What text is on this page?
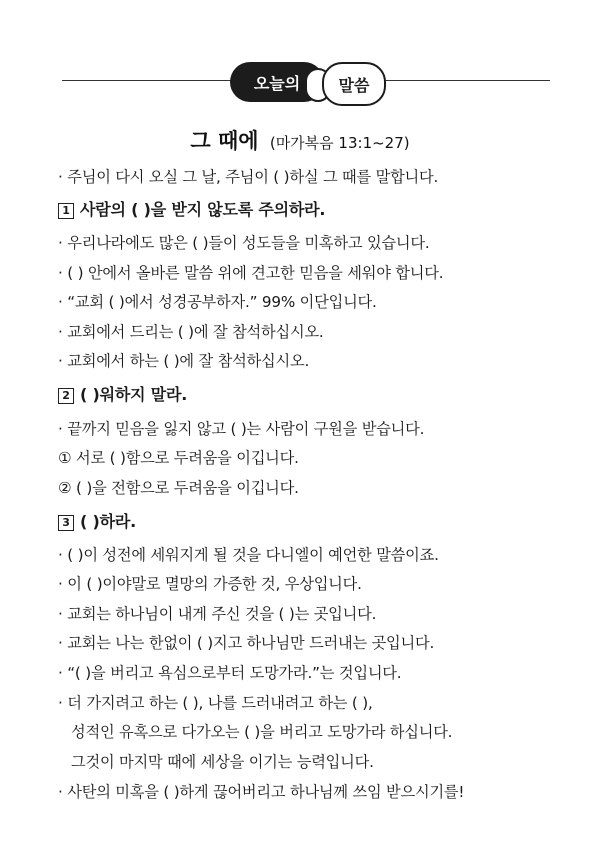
오늘의 말씀
그 때에 (마가복음 13:1~27)
· 주님이 다시 오실 그 날, 주님이 ( )하실 그 때를 말합니다.
1 사람의 ( )을 받지 않도록 주의하라.
· 우리나라에도 많은 ( )들이 성도들을 미혹하고 있습니다.
· ( ) 안에서 올바른 말씀 위에 견고한 믿음을 세워야 합니다.
· “교회 ( )에서 성경공부하자.” 99% 이단입니다.
· 교회에서 드리는 ( )에 잘 참석하십시오.
· 교회에서 하는 ( )에 잘 참석하십시오.
2 ( )워하지 말라.
· 끝까지 믿음을 잃지 않고 ( )는 사람이 구원을 받습니다.
① 서로 ( )함으로 두려움을 이깁니다.
② ( )을 전함으로 두려움을 이깁니다.
3 ( )하라.
· ( )이 성전에 세워지게 될 것을 다니엘이 예언한 말씀이죠.
· 이 ( )이야말로 멸망의 가증한 것, 우상입니다.
· 교회는 하나님이 내게 주신 것을 ( )는 곳입니다.
· 교회는 나는 한없이 ( )지고 하나님만 드러내는 곳입니다.
· “( )을 버리고 욕심으로부터 도망가라.”는 것입니다.
· 더 가지려고 하는 ( ), 나를 드러내려고 하는 ( ),
성적인 유혹으로 다가오는 ( )을 버리고 도망가라 하십니다.
그것이 마지막 때에 세상을 이기는 능력입니다.
· 사탄의 미혹을 ( )하게 끊어버리고 하나님께 쓰임 받으시기를!
